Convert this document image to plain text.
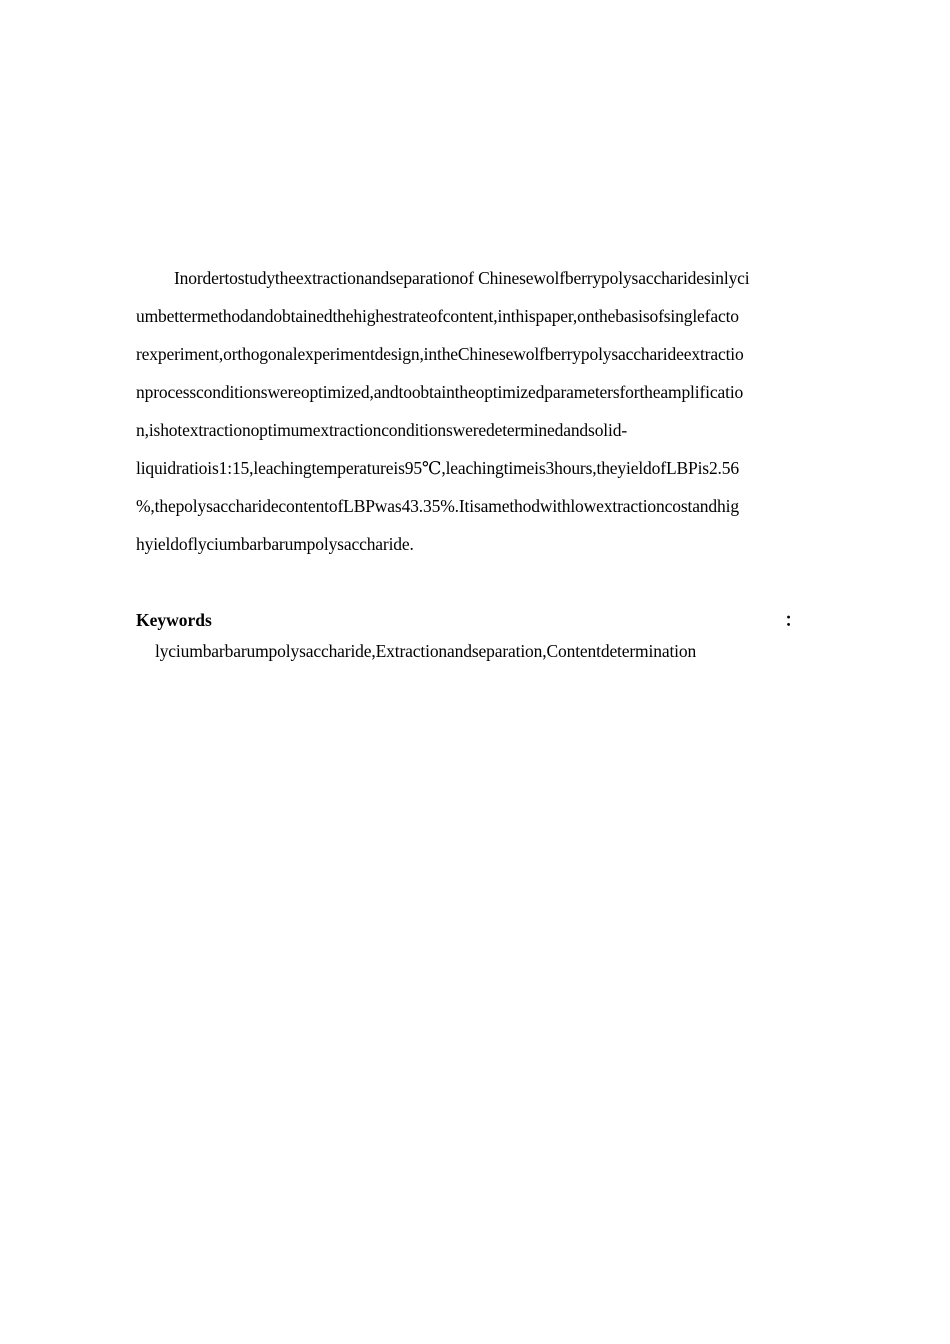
Inordertostudytheextractionandseparationof Chinesewolfberrypolysaccharidesinlyci
umbettermethodandobtainedthehighestrateofcontent,inthispaper,onthebasisofsinglefacto
rexperiment,orthogonalexperimentdesign,intheChinesewolfberrypolysaccharideextractio
nprocessconditionswereoptimized,andtoobtaintheoptimizedparametersfortheamplificatio
n,ishotextractionoptimumextractionconditionsweredeterminedandsolid-
liquidratiois1:15,leachingtemperatureis95℃,leachingtimeis3hours,theyieldofLBPis2.56
%,thepolysaccharidecontentofLBPwas43.35%.Itisamethodwithlowextractioncostandhig
hyieldoflyciumbarbarumpolysaccharide.
Keywords	：
lyciumbarbarumpolysaccharide,Extractionandseparation,Contentdetermination
